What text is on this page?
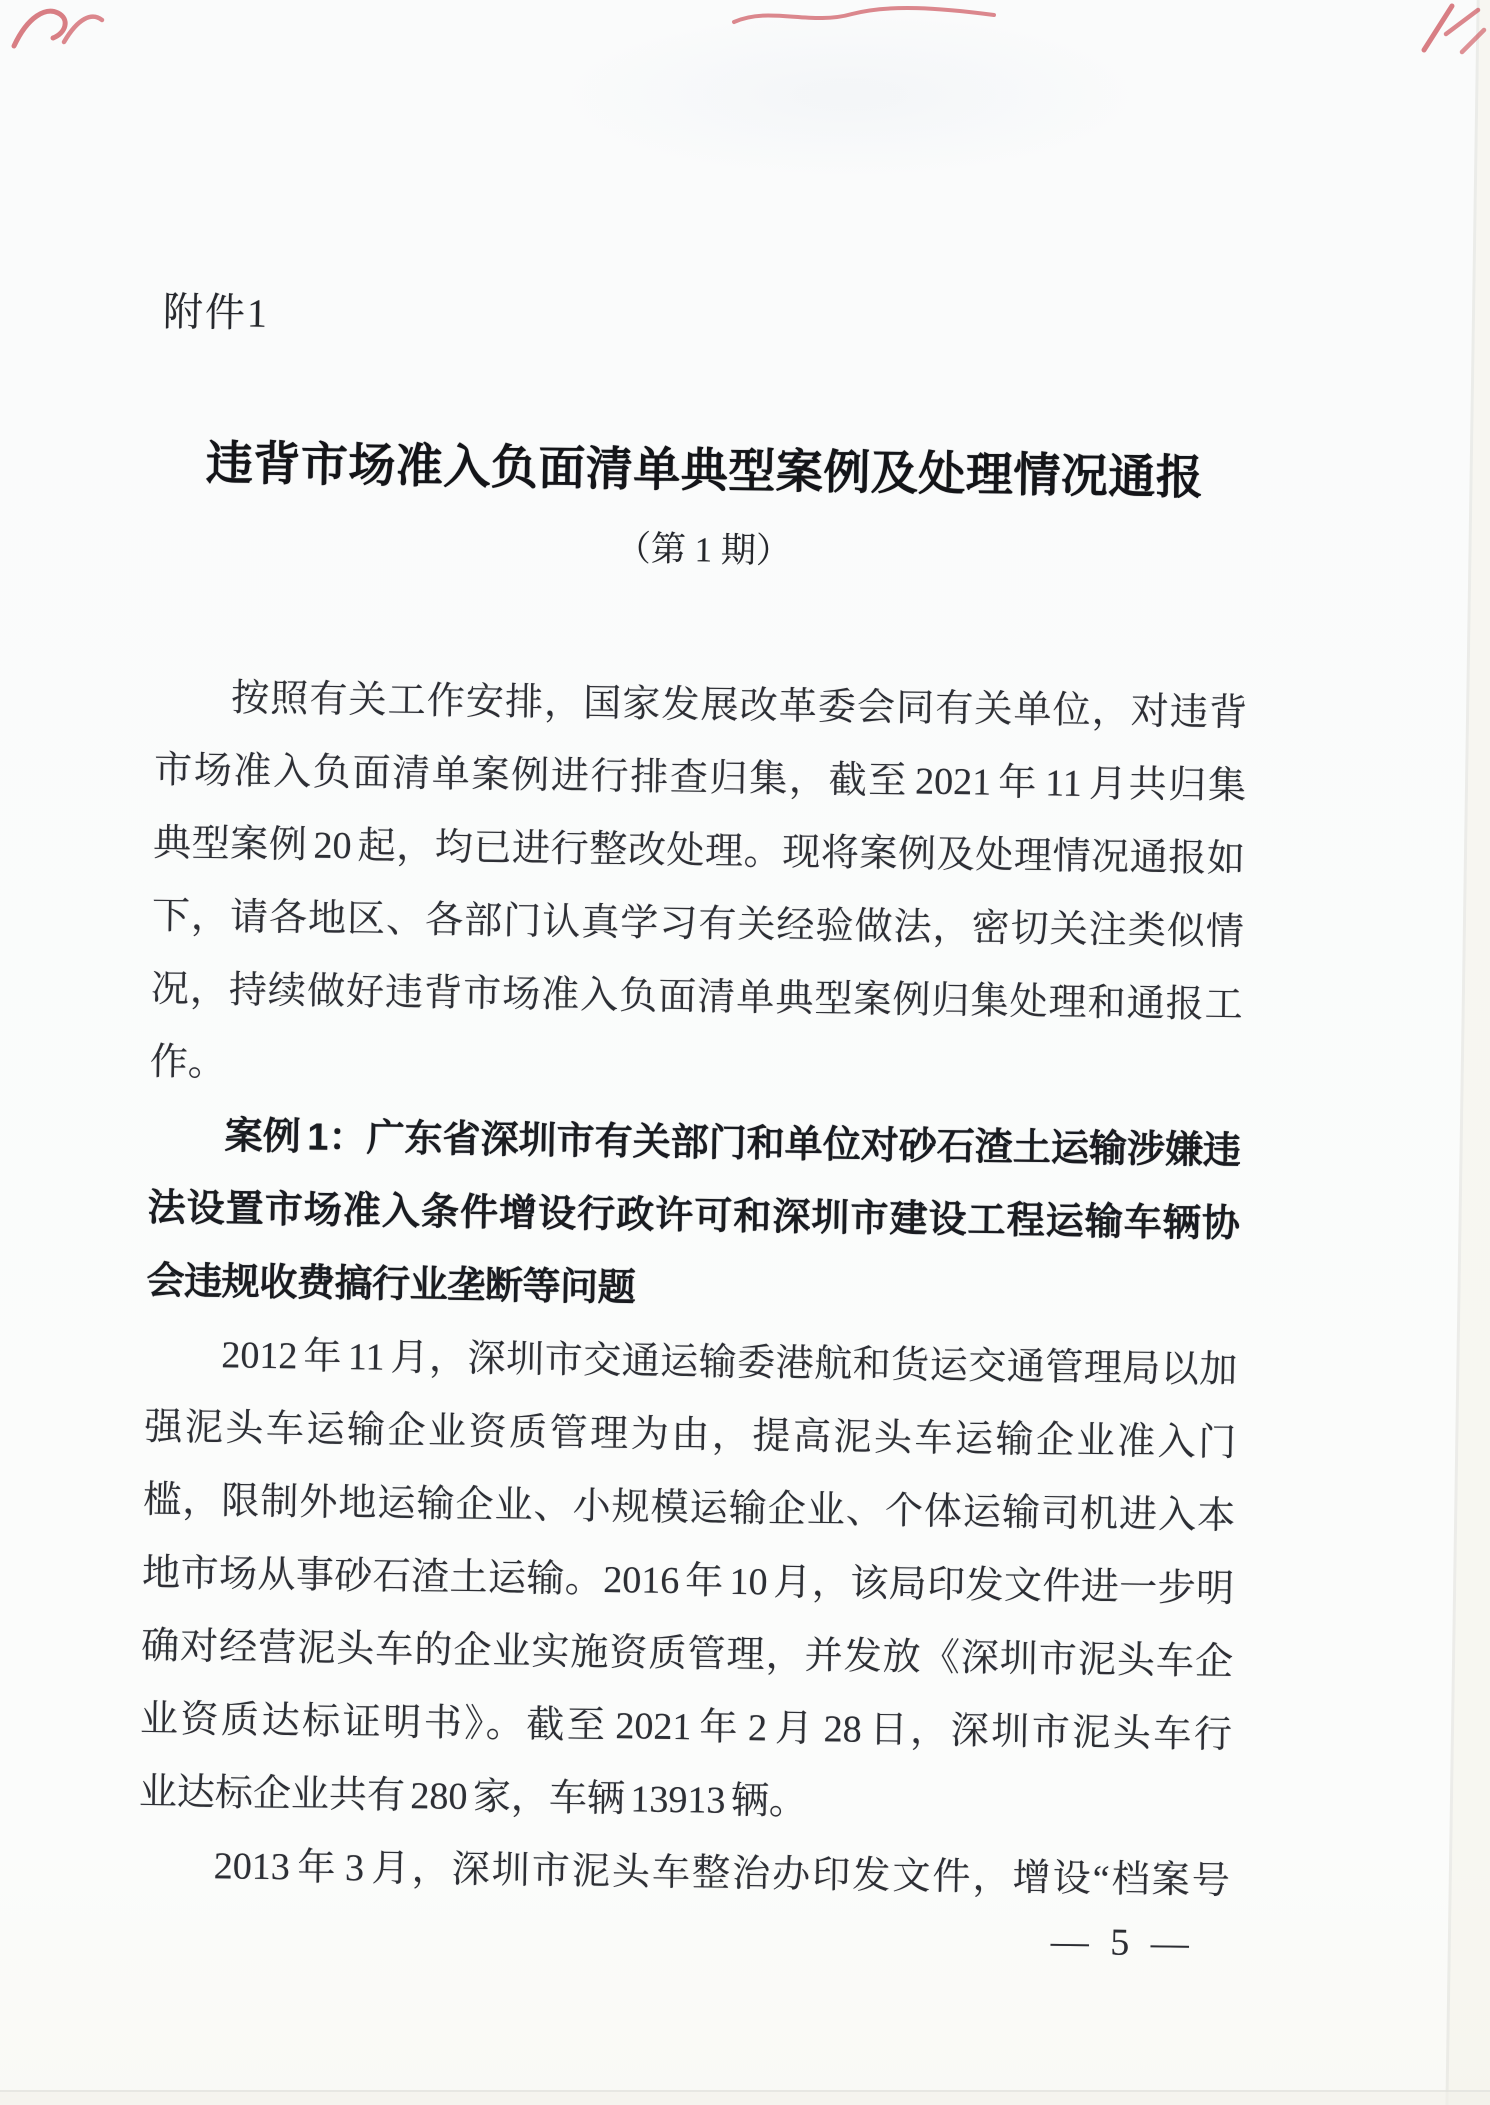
附件1
违背市场准入负面清单典型案例及处理情况通报
（第 1 期）
按照有关工作安排，国家发展改革委会同有关单位，对违背
市场准入负面清单案例进行排查归集，截至 2021 年 11 月共归集
典型案例 20 起，均已进行整改处理。现将案例及处理情况通报如
下，请各地区、各部门认真学习有关经验做法，密切关注类似情
况，持续做好违背市场准入负面清单典型案例归集处理和通报工
作。
案例 1：广东省深圳市有关部门和单位对砂石渣土运输涉嫌违
法设置市场准入条件增设行政许可和深圳市建设工程运输车辆协
会违规收费搞行业垄断等问题
2012 年 11 月，深圳市交通运输委港航和货运交通管理局以加
强泥头车运输企业资质管理为由，提高泥头车运输企业准入门
槛，限制外地运输企业、小规模运输企业、个体运输司机进入本
地市场从事砂石渣土运输。2016 年 10 月，该局印发文件进一步明
确对经营泥头车的企业实施资质管理，并发放《深圳市泥头车企
业资质达标证明书》。截至 2021 年 2 月 28 日，深圳市泥头车行
业达标企业共有 280 家，车辆 13913 辆。
2013 年 3 月，深圳市泥头车整治办印发文件，增设“档案号
— 5 —
